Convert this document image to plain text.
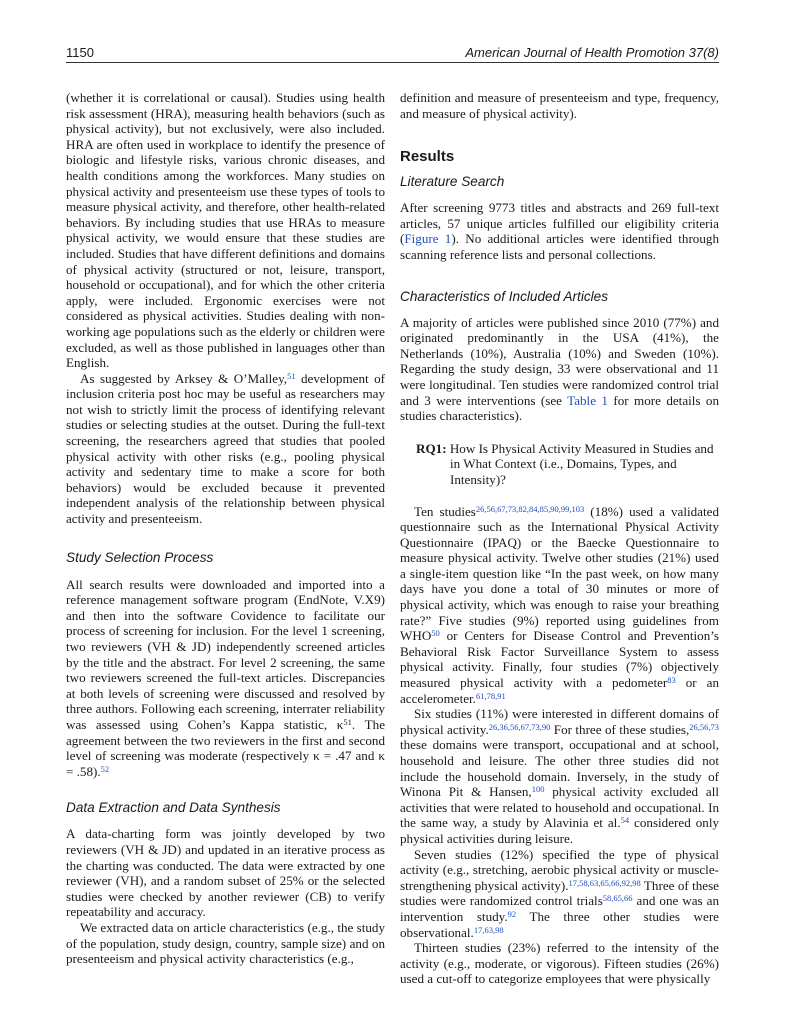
1150	American Journal of Health Promotion 37(8)

(whether it is correlational or causal). Studies using health risk assessment (HRA), measuring health behaviors (such as physical activity), but not exclusively, were also included. HRA are often used in workplace to identify the presence of biologic and lifestyle risks, various chronic diseases, and health conditions among the workforces. Many studies on physical activity and presenteeism use these types of tools to measure physical activity, and therefore, other health-related behaviors. By including studies that use HRAs to measure physical activity, we would ensure that these studies are included. Studies that have different definitions and domains of physical activity (structured or not, leisure, transport, household or occupational), and for which the other criteria apply, were included. Ergonomic exercises were not considered as physical activities. Studies dealing with non-working age populations such as the elderly or children were excluded, as well as those published in languages other than English.

As suggested by Arksey & O’Malley,$^{51}$ development of inclusion criteria post hoc may be useful as researchers may not wish to strictly limit the process of identifying relevant studies or selecting studies at the outset. During the full-text screening, the researchers agreed that studies that pooled physical activity with other risks (e.g., pooling physical activity and sedentary time to make a score for both behaviors) would be excluded because it prevented independent analysis of the relationship between physical activity and presenteeism.

Study Selection Process

All search results were downloaded and imported into a reference management software program (EndNote, V.X9) and then into the software Covidence to facilitate our process of screening for inclusion. For the level 1 screening, two reviewers (VH & JD) independently screened articles by the title and the abstract. For level 2 screening, the same two reviewers screened the full-text articles. Discrepancies at both levels of screening were discussed and resolved by three authors. Following each screening, interrater reliability was assessed using Cohen’s Kappa statistic, $\kappa^{51}$. The agreement between the two reviewers in the first and second level of screening was moderate (respectively κ = .47 and κ = .58).$^{52}$

Data Extraction and Data Synthesis

A data-charting form was jointly developed by two reviewers (VH & JD) and updated in an iterative process as the charting was conducted. The data were extracted by one reviewer (VH), and a random subset of 25% or the selected studies were checked by another reviewer (CB) to verify repeatability and accuracy.

We extracted data on article characteristics (e.g., the study of the population, study design, country, sample size) and on presenteeism and physical activity characteristics (e.g.,

definition and measure of presenteeism and type, frequency, and measure of physical activity).

Results
Literature Search

After screening 9773 titles and abstracts and 269 full-text articles, 57 unique articles fulfilled our eligibility criteria (Figure 1). No additional articles were identified through scanning reference lists and personal collections.

Characteristics of Included Articles

A majority of articles were published since 2010 (77%) and originated predominantly in the USA (41%), the Netherlands (10%), Australia (10%) and Sweden (10%). Regarding the study design, 33 were observational and 11 were longitudinal. Ten studies were randomized control trial and 3 were interventions (see Table 1 for more details on studies characteristics).

RQ1: How Is Physical Activity Measured in Studies and in What Context (i.e., Domains, Types, and Intensity)?

Ten studies$^{26,56,67,73,82,84,85,90,99,103}$ (18%) used a validated questionnaire such as the International Physical Activity Questionnaire (IPAQ) or the Baecke Questionnaire to measure physical activity. Twelve other studies (21%) used a single-item question like “In the past week, on how many days have you done a total of 30 minutes or more of physical activity, which was enough to raise your breathing rate?” Five studies (9%) reported using guidelines from WHO$^{50}$ or Centers for Disease Control and Prevention’s Behavioral Risk Factor Surveillance System to assess physical activity. Finally, four studies (7%) objectively measured physical activity with a pedometer$^{83}$ or an accelerometer.$^{61,78,91}$

Six studies (11%) were interested in different domains of physical activity.$^{26,36,56,67,73,90}$ For three of these studies,$^{26,56,73}$ these domains were transport, occupational and at school, household and leisure. The other three studies did not include the household domain. Inversely, in the study of Winona Pit & Hansen,$^{100}$ physical activity excluded all activities that were related to household and occupational. In the same way, a study by Alavinia et al.$^{54}$ considered only physical activities during leisure.

Seven studies (12%) specified the type of physical activity (e.g., stretching, aerobic physical activity or muscle-strengthening physical activity).$^{17,58,63,65,66,92,98}$ Three of these studies were randomized control trials$^{58,65,66}$ and one was an intervention study.$^{92}$ The three other studies were observational.$^{17,63,98}$

Thirteen studies (23%) referred to the intensity of the activity (e.g., moderate, or vigorous). Fifteen studies (26%) used a cut-off to categorize employees that were physically
